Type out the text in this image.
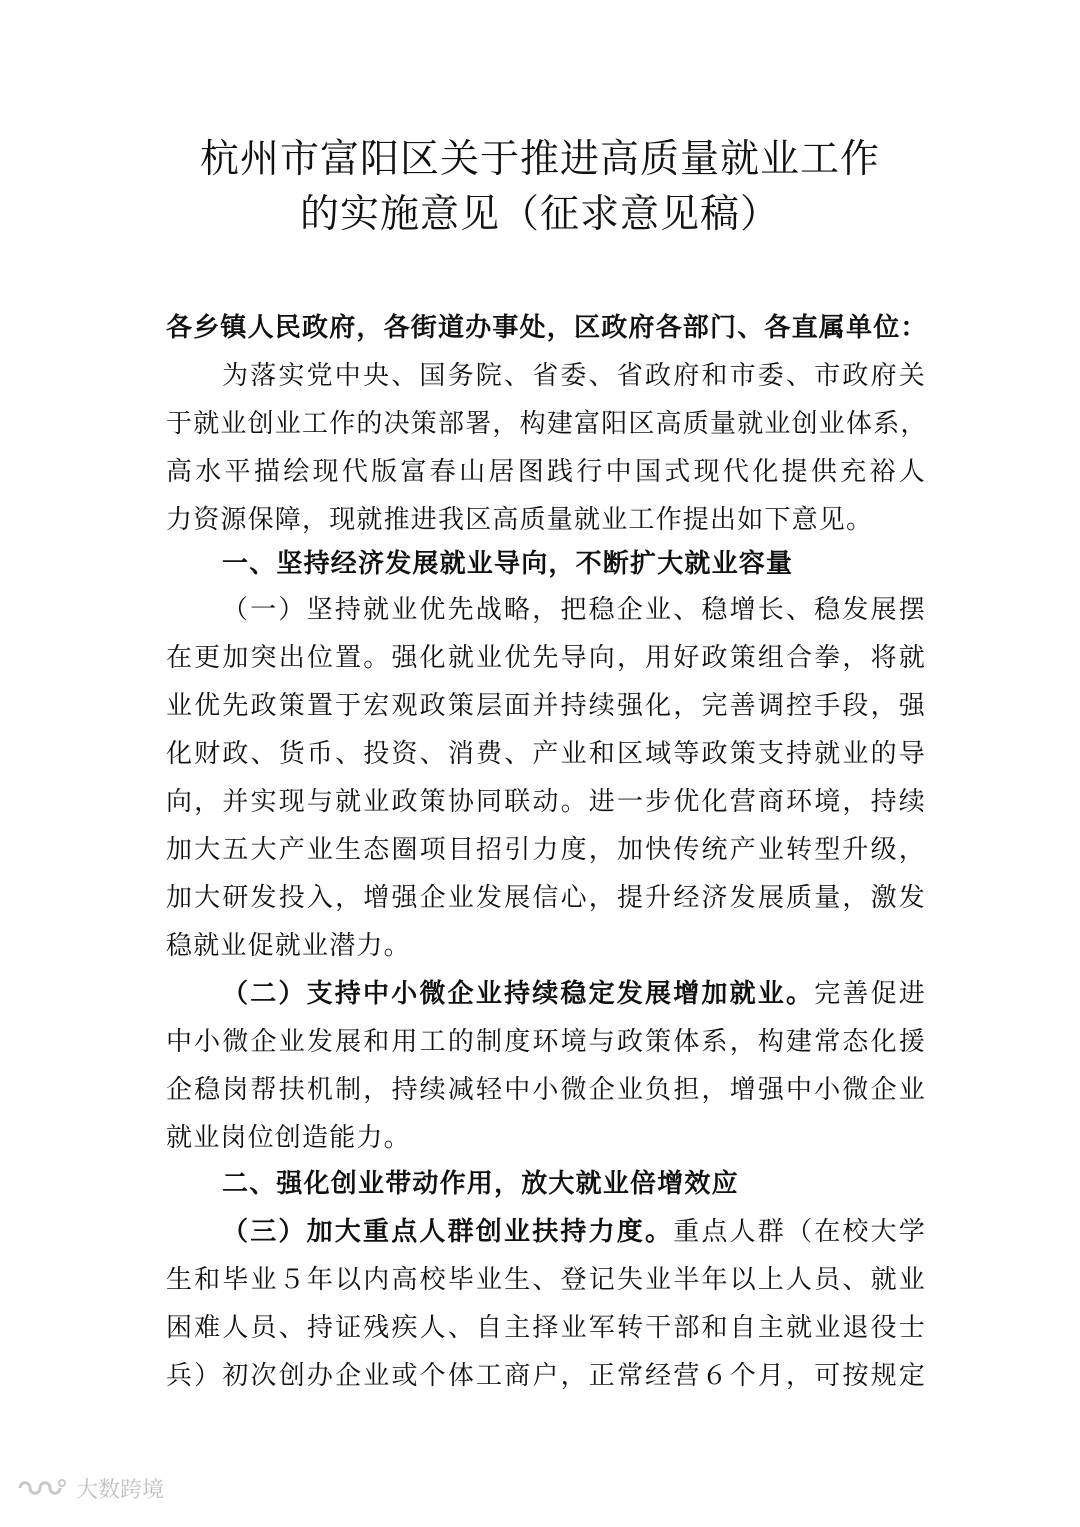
杭州市富阳区关于推进高质量就业工作
的实施意见（征求意见稿）

各乡镇人民政府，各街道办事处，区政府各部门、各直属单位：

为落实党中央、国务院、省委、省政府和市委、市政府关

于就业创业工作的决策部署，构建富阳区高质量就业创业体系，

高水平描绘现代版富春山居图践行中国式现代化提供充裕人

力资源保障，现就推进我区高质量就业工作提出如下意见。

一、坚持经济发展就业导向，不断扩大就业容量

（一）坚持就业优先战略，把稳企业、稳增长、稳发展摆

在更加突出位置。强化就业优先导向，用好政策组合拳，将就

业优先政策置于宏观政策层面并持续强化，完善调控手段，强

化财政、货币、投资、消费、产业和区域等政策支持就业的导

向，并实现与就业政策协同联动。进一步优化营商环境，持续

加大五大产业生态圈项目招引力度，加快传统产业转型升级，

加大研发投入，增强企业发展信心，提升经济发展质量，激发

稳就业促就业潜力。

（二）支持中小微企业持续稳定发展增加就业。完善促进

中小微企业发展和用工的制度环境与政策体系，构建常态化援

企稳岗帮扶机制，持续减轻中小微企业负担，增强中小微企业

就业岗位创造能力。

二、强化创业带动作用，放大就业倍增效应

（三）加大重点人群创业扶持力度。重点人群（在校大学

生和毕业５年以内高校毕业生、登记失业半年以上人员、就业

困难人员、持证残疾人、自主择业军转干部和自主就业退役士

兵）初次创办企业或个体工商户，正常经营６个月，可按规定

大数跨境
